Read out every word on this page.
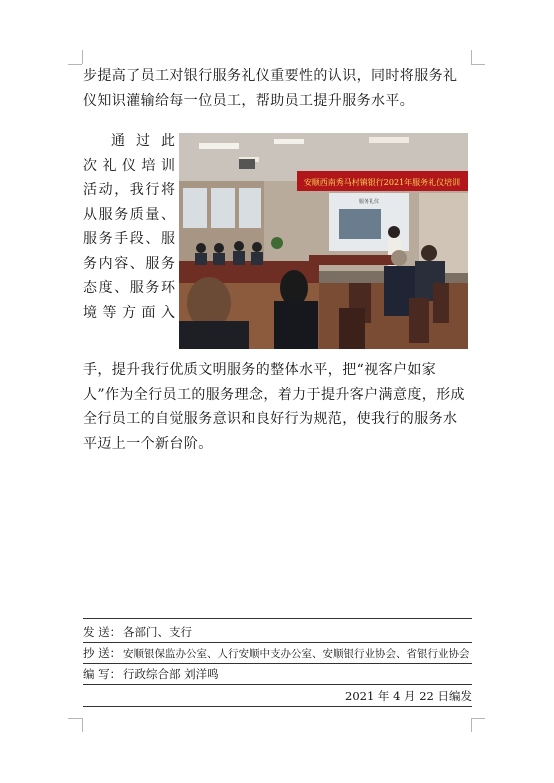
步提高了员工对银行服务礼仪重要性的认识，同时将服务礼仪知识灌输给每一位员工，帮助员工提升服务水平。

通过此
次礼仪培训
活动，我行将
从服务质量、
服务手段、服
务内容、服务
态度、服务环
境等方面入
安顺西南秀马村镇银行2021年服务礼仪培训
服务礼仪

手，提升我行优质文明服务的整体水平，把“视客户如家人”作为全行员工的服务理念，着力于提升客户满意度，形成全行员工的自觉服务意识和良好行为规范，使我行的服务水平迈上一个新台阶。

发 送： 各部门、支行
抄 送： 安顺银保监办公室、人行安顺中支办公室、安顺银行业协会、省银行业协会
编 写： 行政综合部 刘洋鸣
2021 年 4 月 22 日编发
